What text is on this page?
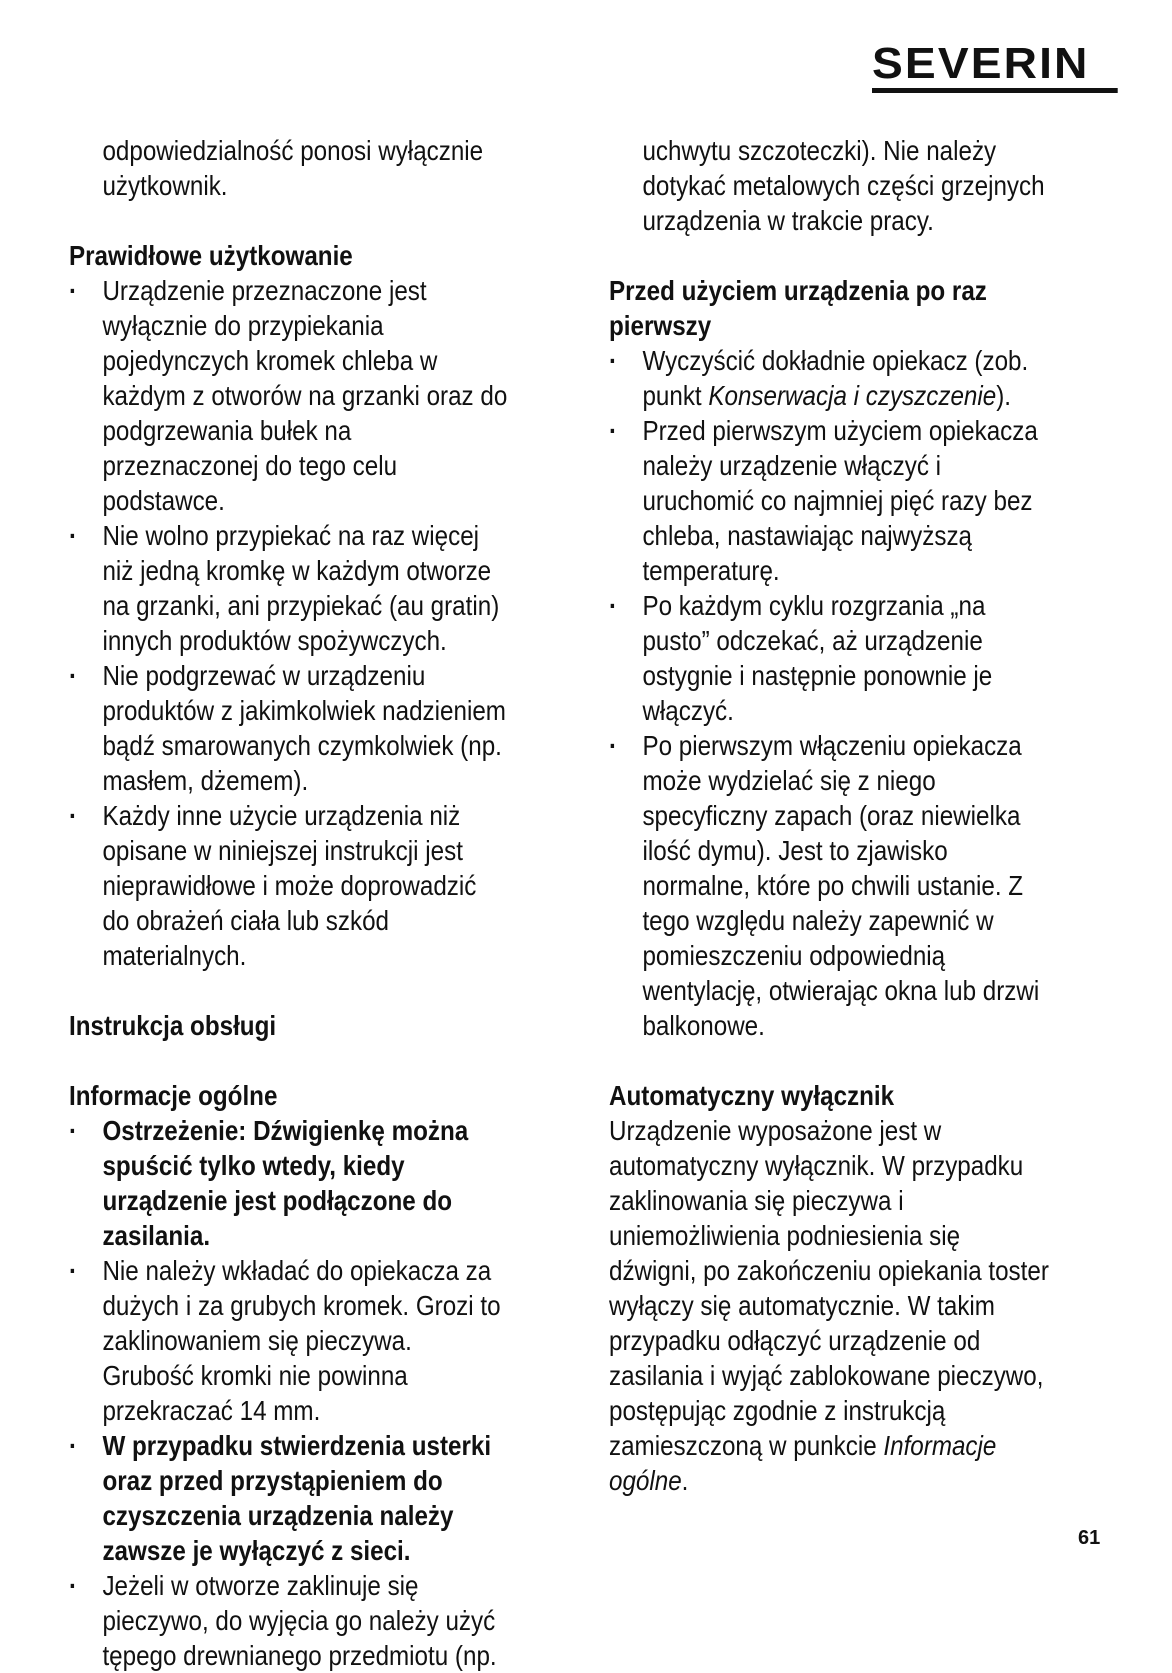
SEVERIN

odpowiedzialność ponosi wyłącznie użytkownik.

Prawidłowe użytkowanie

· Urządzenie przeznaczone jest wyłącznie do przypiekania pojedynczych kromek chleba w każdym z otworów na grzanki oraz do podgrzewania bułek na przeznaczonej do tego celu podstawce.
· Nie wolno przypiekać na raz więcej niż jedną kromkę w każdym otworze na grzanki, ani przypiekać (au gratin) innych produktów spożywczych.
· Nie podgrzewać w urządzeniu produktów z jakimkolwiek nadzieniem bądź smarowanych czymkolwiek (np. masłem, dżemem).
· Każdy inne użycie urządzenia niż opisane w niniejszej instrukcji jest nieprawidłowe i może doprowadzić do obrażeń ciała lub szkód materialnych.

Instrukcja obsługi

Informacje ogólne

· Ostrzeżenie: Dźwigienkę można spuścić tylko wtedy, kiedy urządzenie jest podłączone do zasilania.
· Nie należy wkładać do opiekacza za dużych i za grubych kromek. Grozi to zaklinowaniem się pieczywa. Grubość kromki nie powinna przekraczać 14 mm.
· W przypadku stwierdzenia usterki oraz przed przystąpieniem do czyszczenia urządzenia należy zawsze je wyłączyć z sieci.
· Jeżeli w otworze zaklinuje się pieczywo, do wyjęcia go należy użyć tępego drewnianego przedmiotu (np.

uchwytu szczoteczki). Nie należy dotykać metalowych części grzejnych urządzenia w trakcie pracy.

Przed użyciem urządzenia po raz pierwszy

· Wyczyścić dokładnie opiekacz (zob. punkt Konserwacja i czyszczenie).
· Przed pierwszym użyciem opiekacza należy urządzenie włączyć i uruchomić co najmniej pięć razy bez chleba, nastawiając najwyższą temperaturę.
· Po każdym cyklu rozgrzania „na pusto” odczekać, aż urządzenie ostygnie i następnie ponownie je włączyć.
· Po pierwszym włączeniu opiekacza może wydzielać się z niego specyficzny zapach (oraz niewielka ilość dymu). Jest to zjawisko normalne, które po chwili ustanie. Z tego względu należy zapewnić w pomieszczeniu odpowiednią wentylację, otwierając okna lub drzwi balkonowe.

Automatyczny wyłącznik

Urządzenie wyposażone jest w automatyczny wyłącznik. W przypadku zaklinowania się pieczywa i uniemożliwienia podniesienia się dźwigni, po zakończeniu opiekania toster wyłączy się automatycznie. W takim przypadku odłączyć urządzenie od zasilania i wyjąć zablokowane pieczywo, postępując zgodnie z instrukcją zamieszczoną w punkcie Informacje ogólne.

61
